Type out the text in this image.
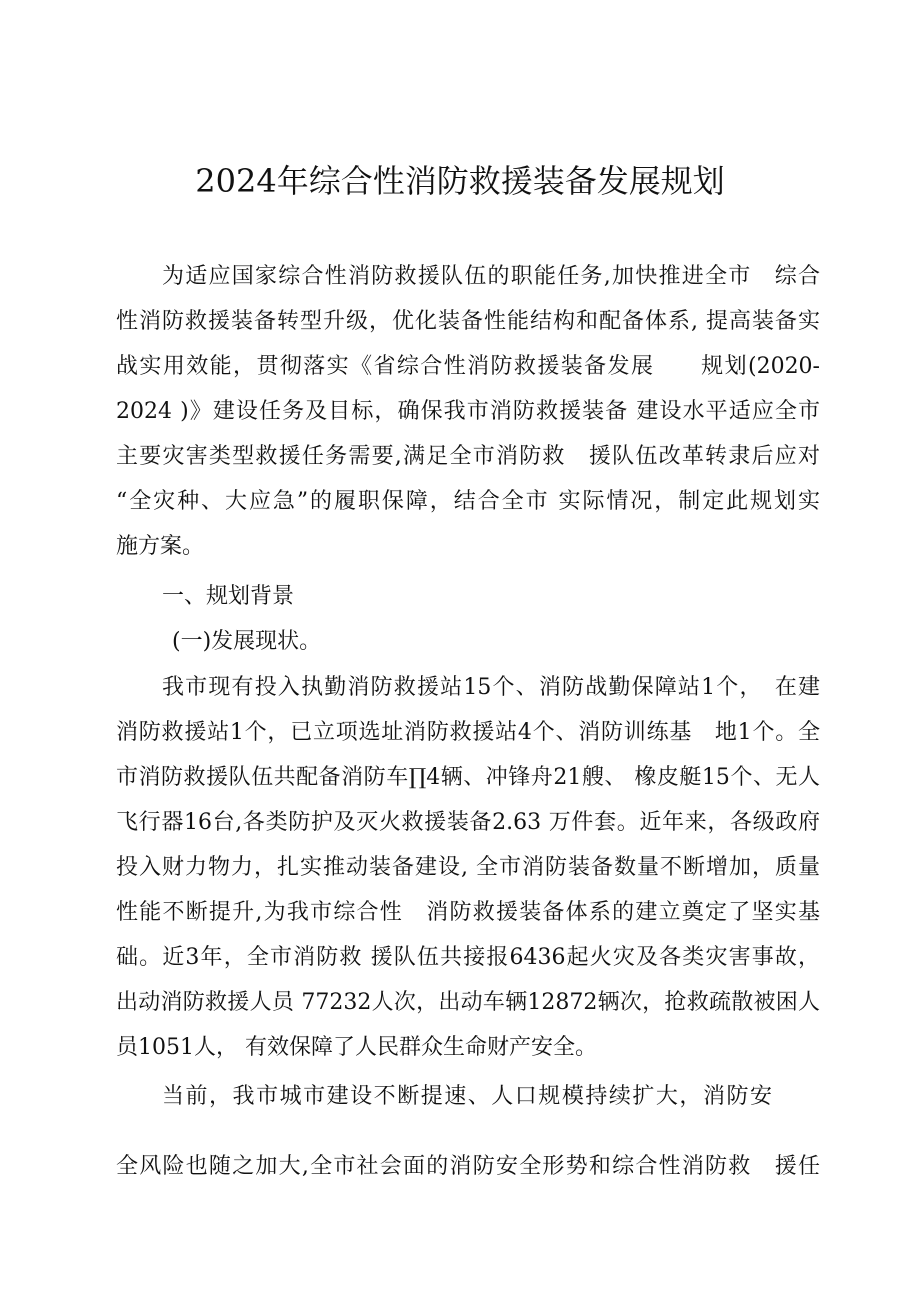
2024年综合性消防救援装备发展规划
为适应国家综合性消防救援队伍的职能任务,加快推进全市　综合
性消防救援装备转型升级，优化装备性能结构和配备体系, 提高装备实
战实用效能，贯彻落实《省综合性消防救援装备发展　　规划(2020-
2024 )》建设任务及目标，确保我市消防救援装备 建设水平适应全市
主要灾害类型救援任务需要,满足全市消防救　援队伍改革转隶后应对
“全灾种、大应急”的履职保障，结合全市 实际情况，制定此规划实
施方案。
一、规划背景
(一)发展现状。
我市现有投入执勤消防救援站15个、消防战勤保障站1个，　在建
消防救援站1个，已立项选址消防救援站4个、消防训练基　地1个。全
市消防救援队伍共配备消防车∏4辆、冲锋舟21艘、 橡皮艇15个、无人
飞行器16台,各类防护及灭火救援装备2.63 万件套。近年来，各级政府
投入财力物力，扎实推动装备建设, 全市消防装备数量不断增加，质量
性能不断提升,为我市综合性　消防救援装备体系的建立奠定了坚实基
础。近3年，全市消防救 援队伍共接报6436起火灾及各类灾害事故，
出动消防救援人员 77232人次，出动车辆12872辆次，抢救疏散被困人
员1051人， 有效保障了人民群众生命财产安全。
当前，我市城市建设不断提速、人口规模持续扩大，消防安
全风险也随之加大,全市社会面的消防安全形势和综合性消防救　援任
